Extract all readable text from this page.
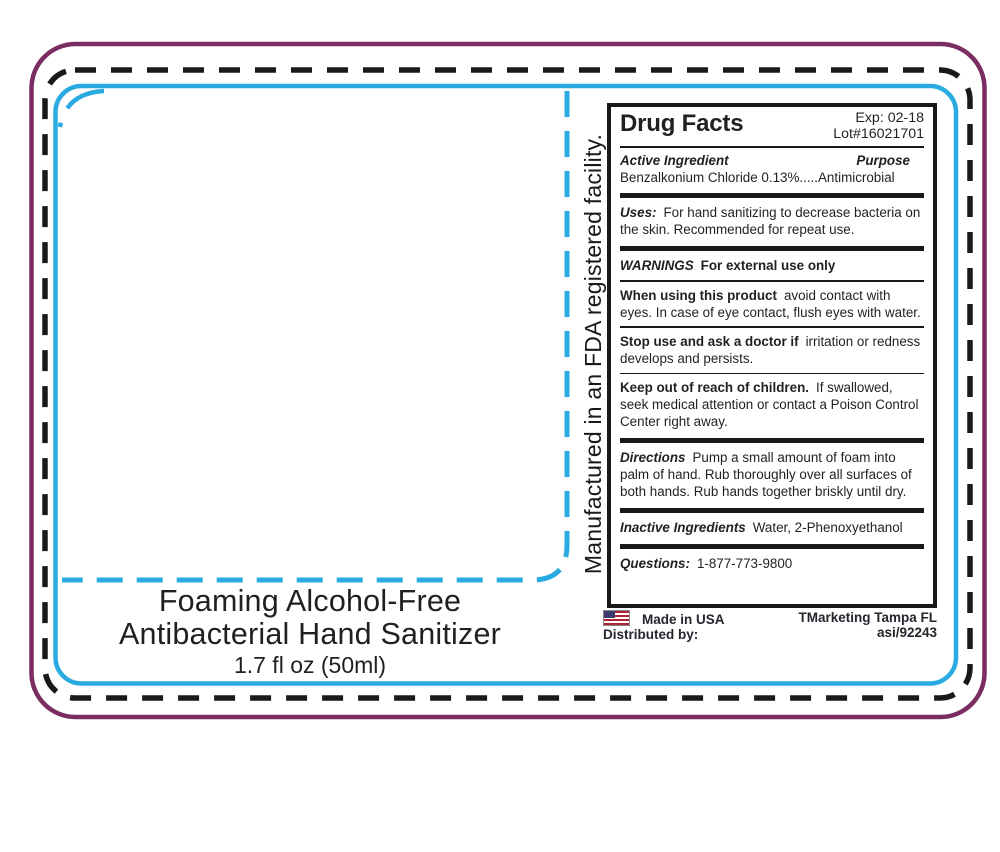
Manufactured in an FDA registered facility.
Drug Facts	Exp: 02-18
Lot#16021701
Active Ingredient	Purpose
Benzalkonium Chloride 0.13%.....Antimicrobial

Uses: For hand sanitizing to decrease bacteria on the skin. Recommended for repeat use.

WARNINGS For external use only

When using this product avoid contact with eyes. In case of eye contact, flush eyes with water.

Stop use and ask a doctor if irritation or redness develops and persists.

Keep out of reach of children. If swallowed, seek medical attention or contact a Poison Control Center right away.

Directions Pump a small amount of foam into palm of hand. Rub thoroughly over all surfaces of both hands. Rub hands together briskly until dry.

Inactive Ingredients Water, 2-Phenoxyethanol

Questions: 1-877-773-9800

Made in USA
Distributed by:
TMarketing Tampa FL
asi/92243
Foaming Alcohol-Free
Antibacterial Hand Sanitizer
1.7 fl oz (50ml)
